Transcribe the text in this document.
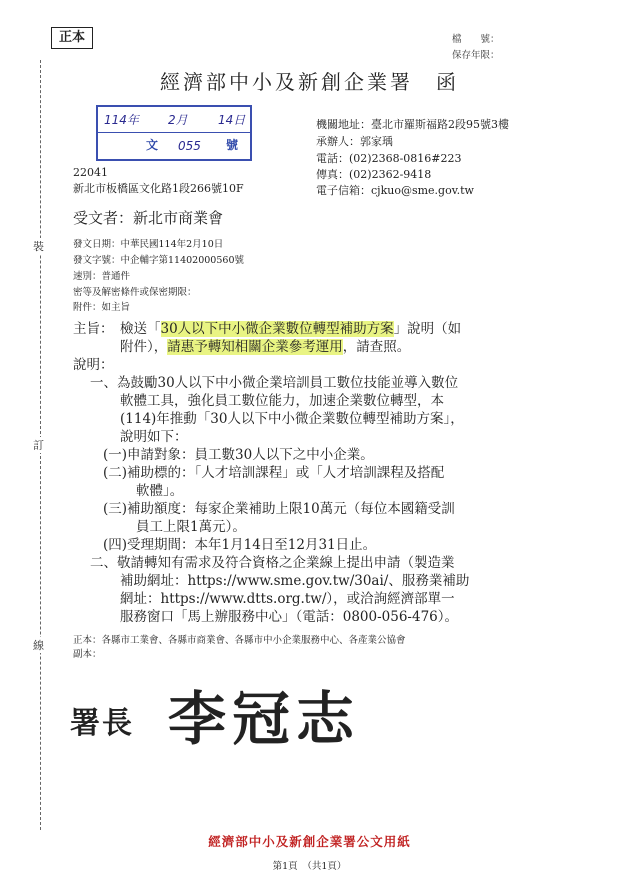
正本
裝
訂
線
檔　　號：
保存年限：
經濟部中小及新創企業署　函
114年 2月	14日
文 055 號
22041
新北市板橋區文化路1段266號10F
機關地址：臺北市羅斯福路2段95號3樓
承辦人：郭家瑀
電話：(02)2368-0816#223
傳真：(02)2362-9418
電子信箱：cjkuo@sme.gov.tw
受文者：新北市商業會
發文日期：中華民國114年2月10日
發文字號：中企輔字第11402000560號
速別：普通件
密等及解密條件或保密期限：
附件：如主旨
主旨： 檢送「30人以下中小微企業數位轉型補助方案」說明（如
附件），請惠予轉知相關企業參考運用，請查照。
說明：
一、為鼓勵30人以下中小微企業培訓員工數位技能並導入數位
軟體工具，強化員工數位能力，加速企業數位轉型，本
(114)年推動「30人以下中小微企業數位轉型補助方案」，
說明如下：
(一)申請對象：員工數30人以下之中小企業。
(二)補助標的：「人才培訓課程」或「人才培訓課程及搭配
軟體」。
(三)補助額度：每家企業補助上限10萬元（每位本國籍受訓
員工上限1萬元）。
(四)受理期間：本年1月14日至12月31日止。
二、敬請轉知有需求及符合資格之企業線上提出申請（製造業
補助網址：https://www.sme.gov.tw/30ai/、服務業補助
網址：https://www.dtts.org.tw/），或洽詢經濟部單一
服務窗口「馬上辦服務中心」（電話：0800-056-476）。
正本：各縣市工業會、各縣市商業會、各縣市中小企業服務中心、各產業公協會
副本：
署長 李冠志
經濟部中小及新創企業署公文用紙
第1頁　（共1頁）
